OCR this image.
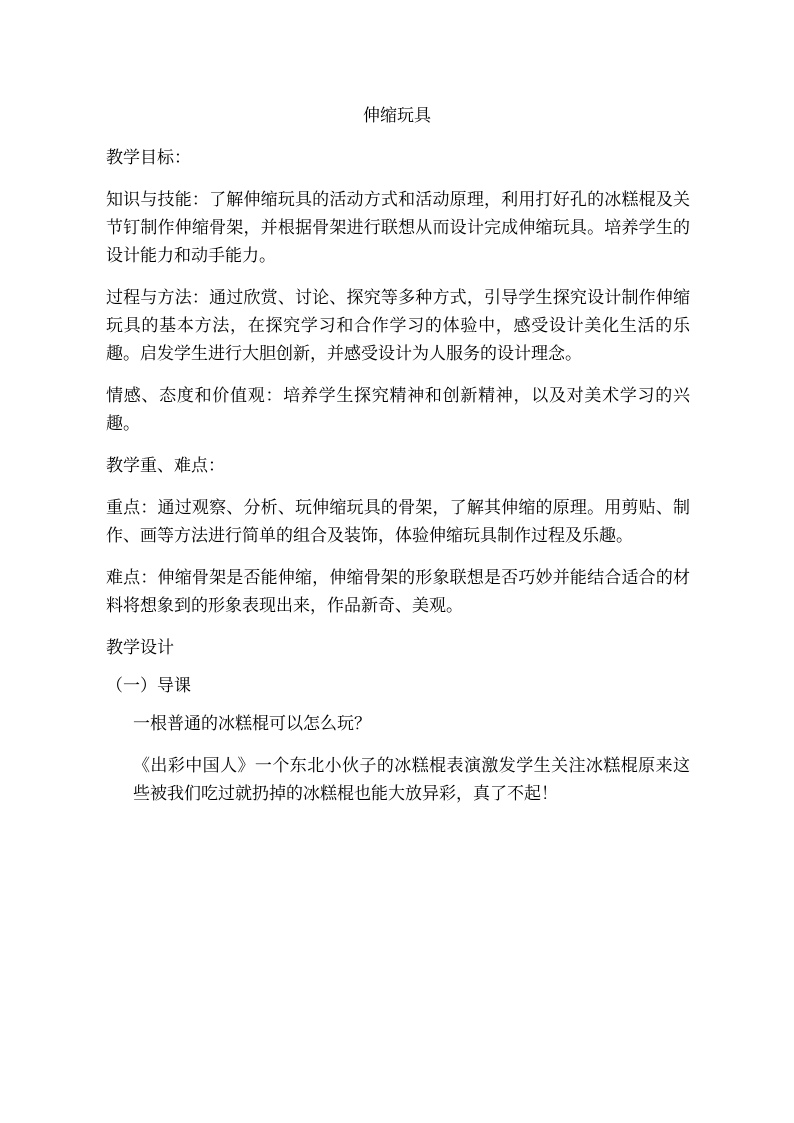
伸缩玩具

教学目标：

知识与技能：了解伸缩玩具的活动方式和活动原理，利用打好孔的冰糕棍及关节钉制作伸缩骨架，并根据骨架进行联想从而设计完成伸缩玩具。培养学生的设计能力和动手能力。

过程与方法：通过欣赏、讨论、探究等多种方式，引导学生探究设计制作伸缩玩具的基本方法，在探究学习和合作学习的体验中，感受设计美化生活的乐趣。启发学生进行大胆创新，并感受设计为人服务的设计理念。

情感、态度和价值观：培养学生探究精神和创新精神，以及对美术学习的兴趣。

教学重、难点：

重点：通过观察、分析、玩伸缩玩具的骨架，了解其伸缩的原理。用剪贴、制作、画等方法进行简单的组合及装饰，体验伸缩玩具制作过程及乐趣。

难点：伸缩骨架是否能伸缩，伸缩骨架的形象联想是否巧妙并能结合适合的材料将想象到的形象表现出来，作品新奇、美观。

教学设计

（一）导课

一根普通的冰糕棍可以怎么玩？

《出彩中国人》一个东北小伙子的冰糕棍表演激发学生关注冰糕棍原来这些被我们吃过就扔掉的冰糕棍也能大放异彩，真了不起！
